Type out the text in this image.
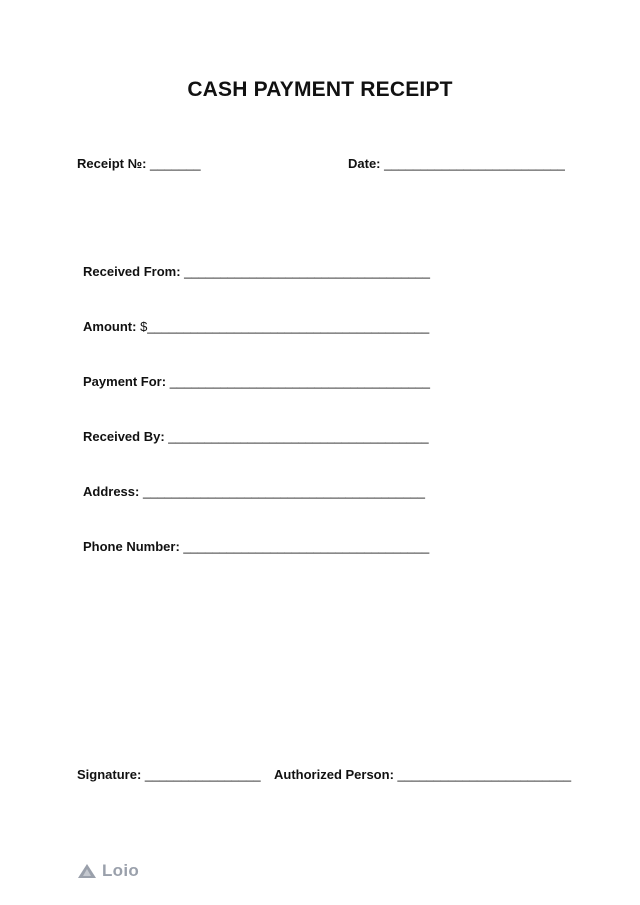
CASH PAYMENT RECEIPT
Receipt №: _______	Date: _________________________
Received From: __________________________________
Amount: $_______________________________________
Payment For: ____________________________________
Received By: ____________________________________
Address: _______________________________________
Phone Number: __________________________________
Signature: ________________ Authorized Person: ________________________
Loio
